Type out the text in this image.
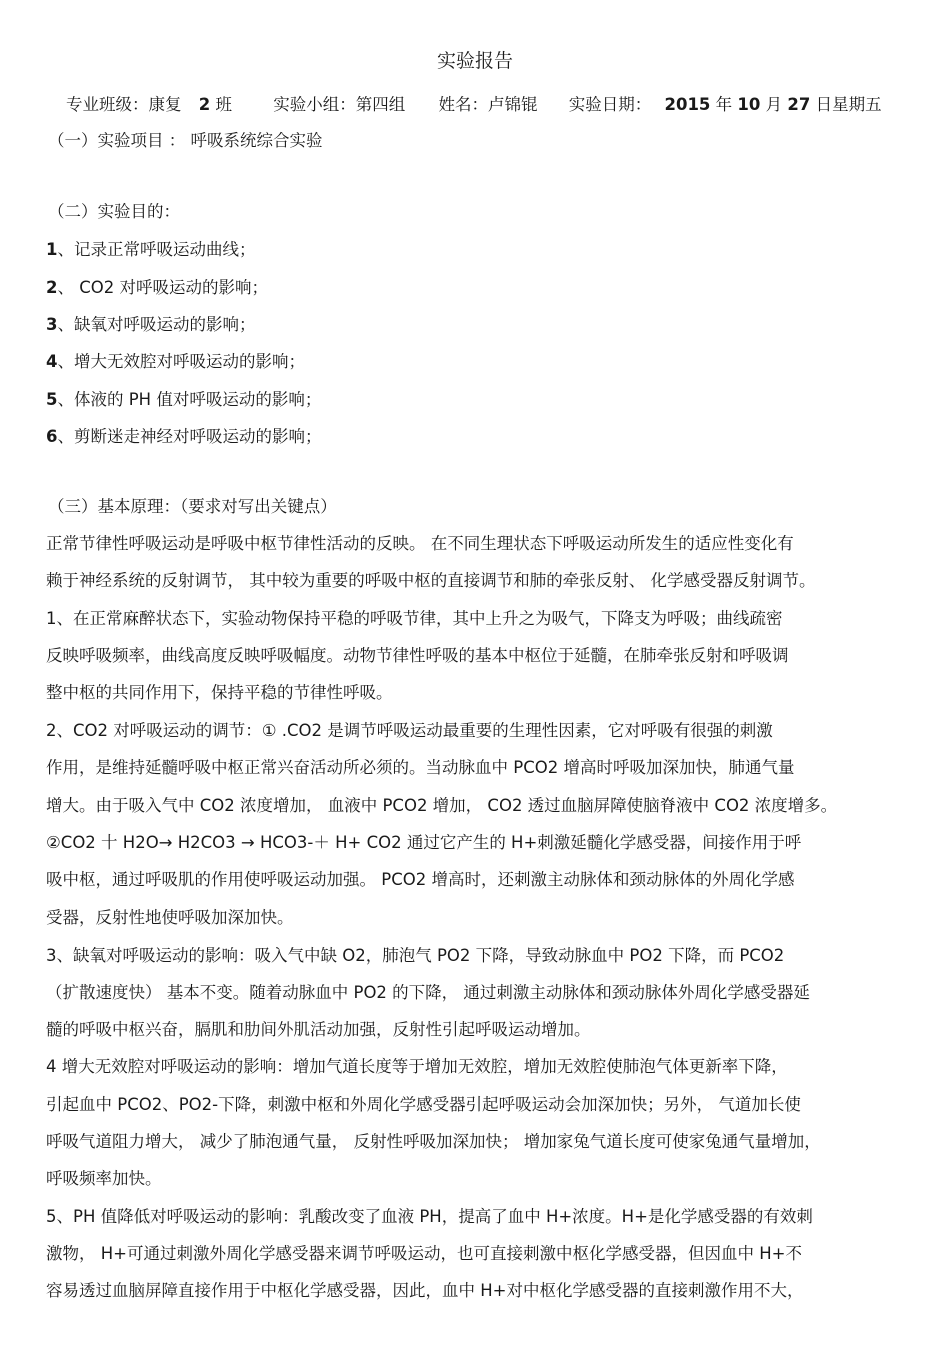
实验报告
专业班级：康复 2 班	实验小组：第四组 姓名：卢锦锟 实验日期： 2015 年 10 月 27 日星期五
（一）实验项目 ： 呼吸系统综合实验
（二）实验目的：
1、记录正常呼吸运动曲线；
2、 CO2 对呼吸运动的影响；
3、缺氧对呼吸运动的影响；
4、增大无效腔对呼吸运动的影响；
5、体液的 PH 值对呼吸运动的影响；
6、剪断迷走神经对呼吸运动的影响；
（三）基本原理：（要求对写出关键点）
正常节律性呼吸运动是呼吸中枢节律性活动的反映。 在不同生理状态下呼吸运动所发生的适应性变化有
赖于神经系统的反射调节， 其中较为重要的呼吸中枢的直接调节和肺的牵张反射、 化学感受器反射调节。
1、在正常麻醉状态下，实验动物保持平稳的呼吸节律，其中上升之为吸气，下降支为呼吸；曲线疏密
反映呼吸频率，曲线高度反映呼吸幅度。动物节律性呼吸的基本中枢位于延髓，在肺牵张反射和呼吸调
整中枢的共同作用下，保持平稳的节律性呼吸。
2、CO2 对呼吸运动的调节：① .CO2 是调节呼吸运动最重要的生理性因素，它对呼吸有很强的刺激
作用，是维持延髓呼吸中枢正常兴奋活动所必须的。当动脉血中 PCO2 增高时呼吸加深加快，肺通气量
增大。由于吸入气中 CO2 浓度增加， 血液中 PCO2 增加， CO2 透过血脑屏障使脑脊液中 CO2 浓度增多。
②CO2 十 H2O→ H2CO3 → HCO3-＋ H+ CO2 通过它产生的 H+刺激延髓化学感受器，间接作用于呼
吸中枢，通过呼吸肌的作用使呼吸运动加强。 PCO2 增高时，还刺激主动脉体和颈动脉体的外周化学感
受器，反射性地使呼吸加深加快。
3、缺氧对呼吸运动的影响：吸入气中缺 O2，肺泡气 PO2 下降，导致动脉血中 PO2 下降，而 PCO2
（扩散速度快） 基本不变。随着动脉血中 PO2 的下降， 通过刺激主动脉体和颈动脉体外周化学感受器延
髓的呼吸中枢兴奋，膈肌和肋间外肌活动加强，反射性引起呼吸运动增加。
4 增大无效腔对呼吸运动的影响：增加气道长度等于增加无效腔，增加无效腔使肺泡气体更新率下降，
引起血中 PCO2、PO2-下降，刺激中枢和外周化学感受器引起呼吸运动会加深加快；另外， 气道加长使
呼吸气道阻力增大， 减少了肺泡通气量， 反射性呼吸加深加快； 增加家兔气道长度可使家兔通气量增加，
呼吸频率加快。
5、PH 值降低对呼吸运动的影响：乳酸改变了血液 PH，提高了血中 H+浓度。H+是化学感受器的有效刺
激物， H+可通过刺激外周化学感受器来调节呼吸运动，也可直接刺激中枢化学感受器，但因血中 H+不
容易透过血脑屏障直接作用于中枢化学感受器，因此，血中 H+对中枢化学感受器的直接刺激作用不大，
